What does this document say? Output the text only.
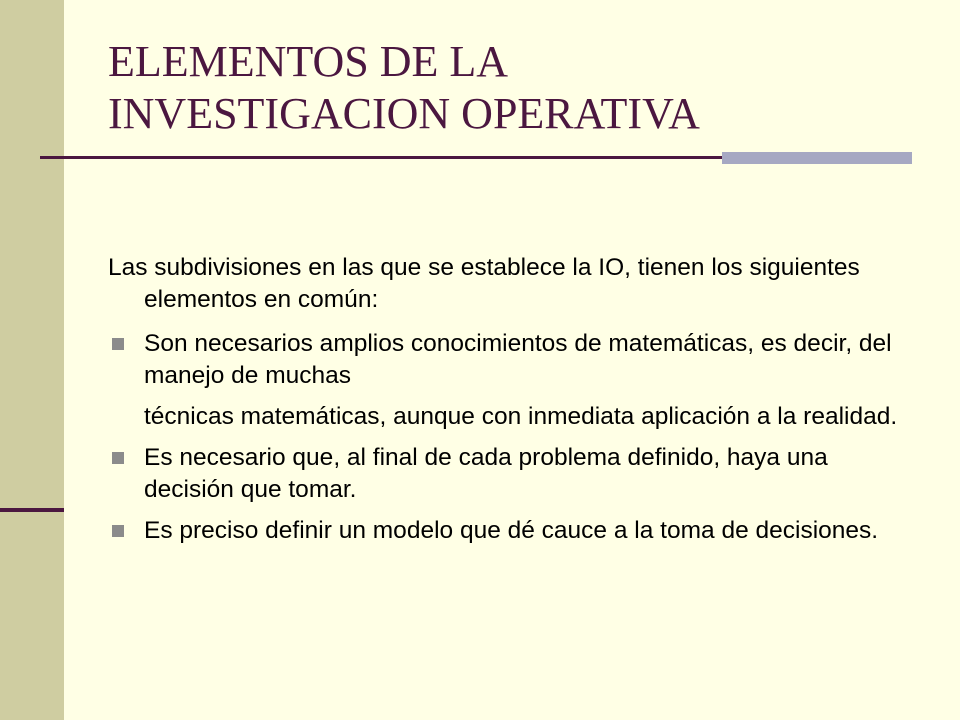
ELEMENTOS DE LA
INVESTIGACION OPERATIVA

Las subdivisiones en las que se establece la IO, tienen los siguientes elementos en común:

Son necesarios amplios conocimientos de matemáticas, es decir, del manejo de muchas
técnicas matemáticas, aunque con inmediata aplicación a la realidad.
Es necesario que, al final de cada problema definido, haya una decisión que tomar.
Es preciso definir un modelo que dé cauce a la toma de decisiones.
